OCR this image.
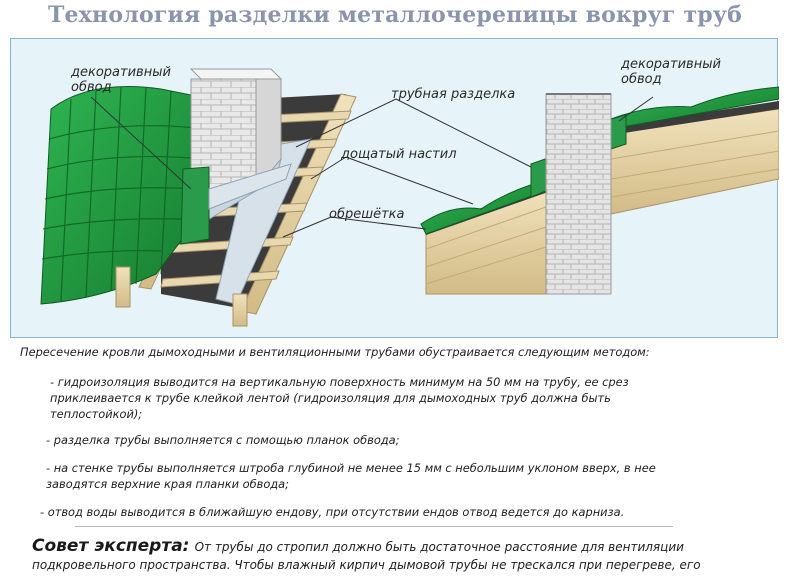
Технология разделки металлочерепицы вокруг труб
декоративный
обвод	трубная разделка
дощатый настил
обрешётка
декоративный
обвод
Пересечение кровли дымоходными и вентиляционными трубами обустраивается следующим методом:
- гидроизоляция выводится на вертикальную поверхность минимум на 50 мм на трубу, ее срез
приклеивается к трубе клейкой лентой (гидроизоляция для дымоходных труб должна быть
теплостойкой);
- разделка трубы выполняется с помощью планок обвода;
- на стенке трубы выполняется штроба глубиной не менее 15 мм с небольшим уклоном вверх, в нее
заводятся верхние края планки обвода;
- отвод воды выводится в ближайшую ендову, при отсутствии ендов отвод ведется до карниза.
Совет эксперта: От трубы до стропил должно быть достаточное расстояние для вентиляции
подкровельного пространства. Чтобы влажный кирпич дымовой трубы не трескался при перегреве, его
